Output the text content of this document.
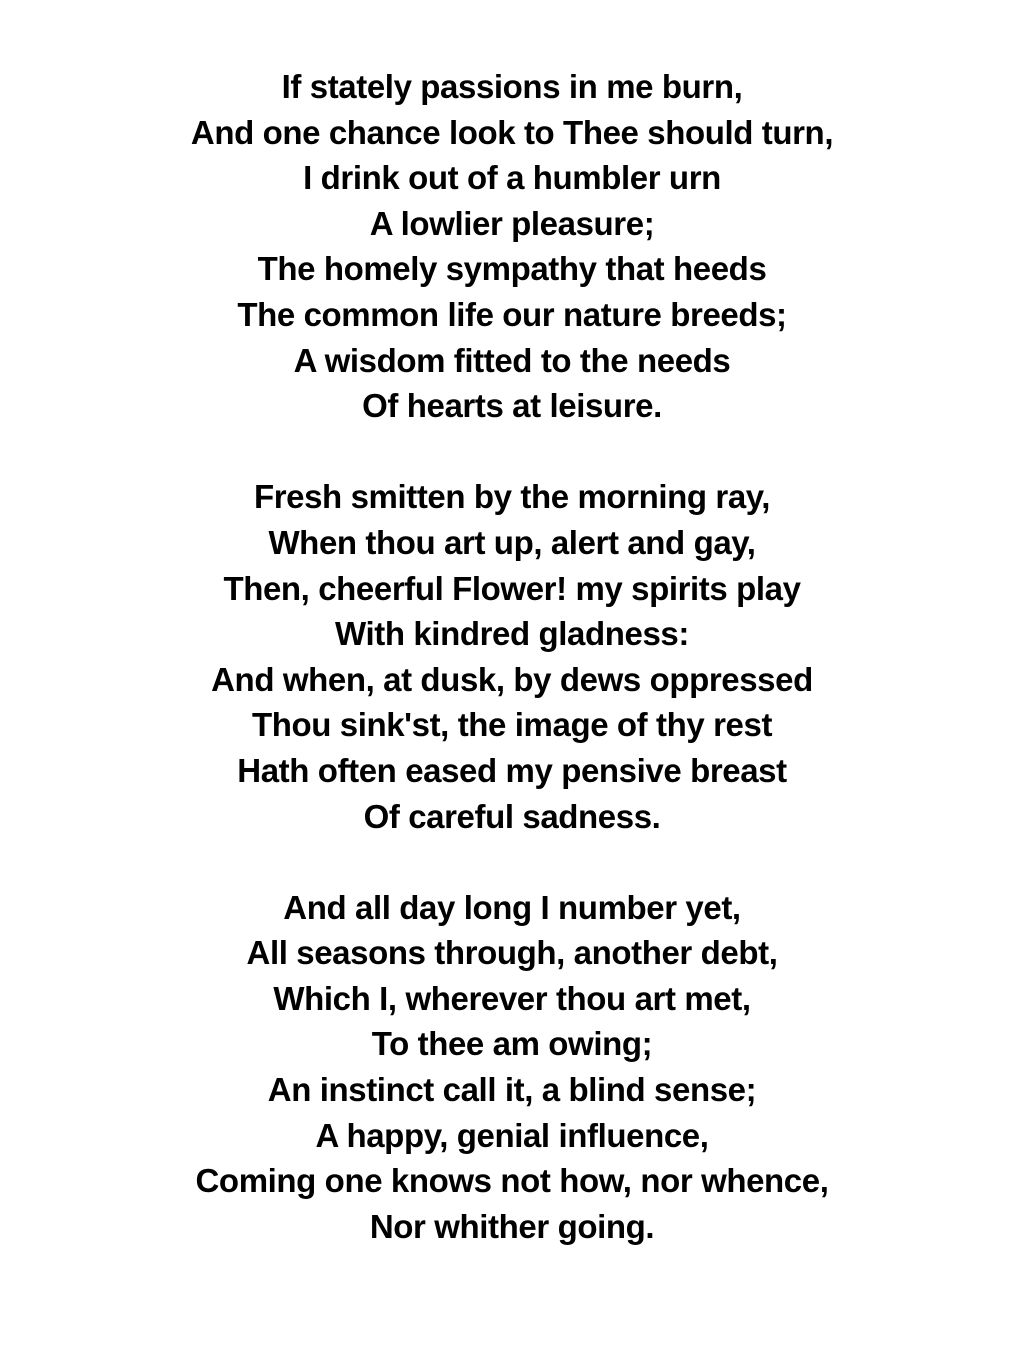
If stately passions in me burn,
And one chance look to Thee should turn,
I drink out of a humbler urn
A lowlier pleasure;
The homely sympathy that heeds
The common life our nature breeds;
A wisdom fitted to the needs
Of hearts at leisure.
Fresh smitten by the morning ray,
When thou art up, alert and gay,
Then, cheerful Flower! my spirits play
With kindred gladness:
And when, at dusk, by dews oppressed
Thou sink'st, the image of thy rest
Hath often eased my pensive breast
Of careful sadness.
And all day long I number yet,
All seasons through, another debt,
Which I, wherever thou art met,
To thee am owing;
An instinct call it, a blind sense;
A happy, genial influence,
Coming one knows not how, nor whence,
Nor whither going.
